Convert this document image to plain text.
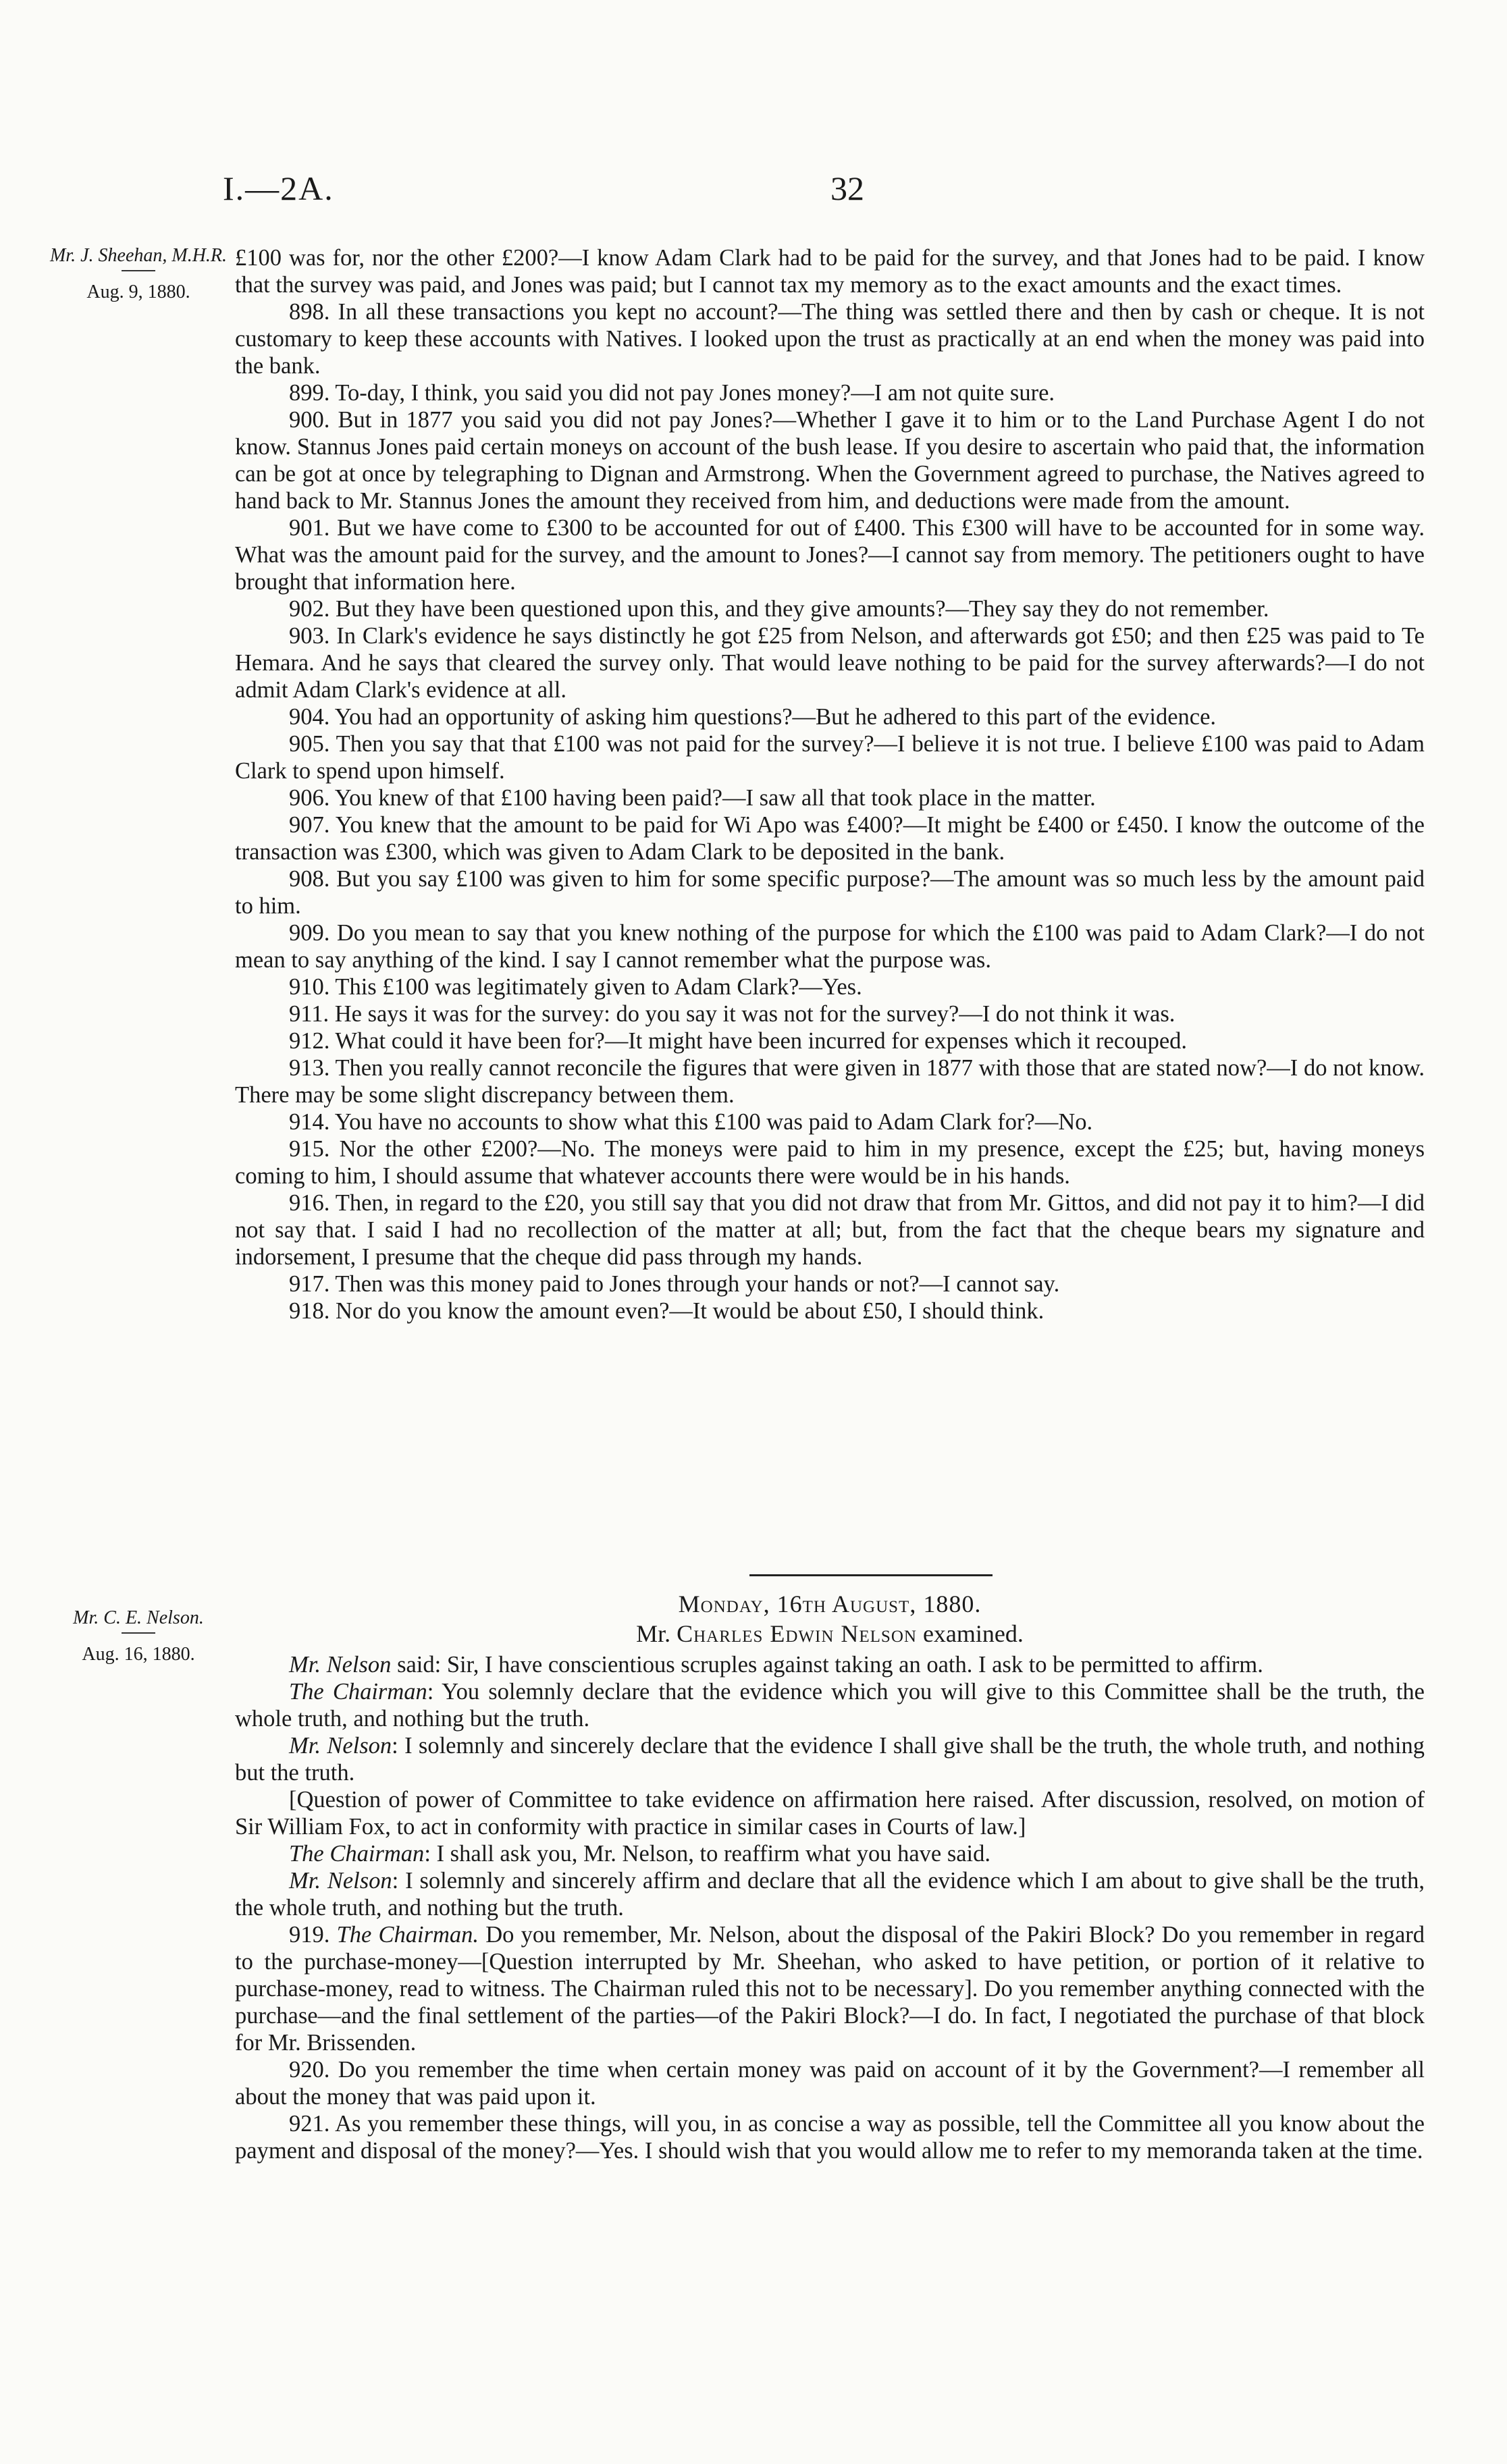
I.—2A.	32
Mr. J. Sheehan, M.H.R.
Aug. 9, 1880.
Mr. C. E. Nelson.
Aug. 16, 1880.

£100 was for, nor the other £200?—I know Adam Clark had to be paid for the survey, and that Jones had to be paid. I know that the survey was paid, and Jones was paid; but I cannot tax my memory as to the exact amounts and the exact times.

898. In all these transactions you kept no account?—The thing was settled there and then by cash or cheque. It is not customary to keep these accounts with Natives. I looked upon the trust as practically at an end when the money was paid into the bank.

899. To-day, I think, you said you did not pay Jones money?—I am not quite sure.

900. But in 1877 you said you did not pay Jones?—Whether I gave it to him or to the Land Purchase Agent I do not know. Stannus Jones paid certain moneys on account of the bush lease. If you desire to ascertain who paid that, the information can be got at once by telegraphing to Dignan and Armstrong. When the Government agreed to purchase, the Natives agreed to hand back to Mr. Stannus Jones the amount they received from him, and deductions were made from the amount.

901. But we have come to £300 to be accounted for out of £400. This £300 will have to be accounted for in some way. What was the amount paid for the survey, and the amount to Jones?—I cannot say from memory. The petitioners ought to have brought that information here.

902. But they have been questioned upon this, and they give amounts?—They say they do not remember.

903. In Clark's evidence he says distinctly he got £25 from Nelson, and afterwards got £50; and then £25 was paid to Te Hemara. And he says that cleared the survey only. That would leave nothing to be paid for the survey afterwards?—I do not admit Adam Clark's evidence at all.

904. You had an opportunity of asking him questions?—But he adhered to this part of the evidence.

905. Then you say that that £100 was not paid for the survey?—I believe it is not true. I believe £100 was paid to Adam Clark to spend upon himself.

906. You knew of that £100 having been paid?—I saw all that took place in the matter.

907. You knew that the amount to be paid for Wi Apo was £400?—It might be £400 or £450. I know the outcome of the transaction was £300, which was given to Adam Clark to be deposited in the bank.

908. But you say £100 was given to him for some specific purpose?—The amount was so much less by the amount paid to him.

909. Do you mean to say that you knew nothing of the purpose for which the £100 was paid to Adam Clark?—I do not mean to say anything of the kind. I say I cannot remember what the purpose was.

910. This £100 was legitimately given to Adam Clark?—Yes.

911. He says it was for the survey: do you say it was not for the survey?—I do not think it was.

912. What could it have been for?—It might have been incurred for expenses which it recouped.

913. Then you really cannot reconcile the figures that were given in 1877 with those that are stated now?—I do not know. There may be some slight discrepancy between them.

914. You have no accounts to show what this £100 was paid to Adam Clark for?—No.

915. Nor the other £200?—No. The moneys were paid to him in my presence, except the £25; but, having moneys coming to him, I should assume that whatever accounts there were would be in his hands.

916. Then, in regard to the £20, you still say that you did not draw that from Mr. Gittos, and did not pay it to him?—I did not say that. I said I had no recollection of the matter at all; but, from the fact that the cheque bears my signature and indorsement, I presume that the cheque did pass through my hands.

917. Then was this money paid to Jones through your hands or not?—I cannot say.

918. Nor do you know the amount even?—It would be about £50, I should think.

Monday, 16th August, 1880.
Mr. Charles Edwin Nelson examined.

Mr. Nelson said: Sir, I have conscientious scruples against taking an oath. I ask to be permitted to affirm.

The Chairman: You solemnly declare that the evidence which you will give to this Committee shall be the truth, the whole truth, and nothing but the truth.

Mr. Nelson: I solemnly and sincerely declare that the evidence I shall give shall be the truth, the whole truth, and nothing but the truth.

[Question of power of Committee to take evidence on affirmation here raised. After discussion, resolved, on motion of Sir William Fox, to act in conformity with practice in similar cases in Courts of law.]

The Chairman: I shall ask you, Mr. Nelson, to reaffirm what you have said.

Mr. Nelson: I solemnly and sincerely affirm and declare that all the evidence which I am about to give shall be the truth, the whole truth, and nothing but the truth.

919. The Chairman. Do you remember, Mr. Nelson, about the disposal of the Pakiri Block? Do you remember in regard to the purchase-money—[Question interrupted by Mr. Sheehan, who asked to have petition, or portion of it relative to purchase-money, read to witness. The Chairman ruled this not to be necessary]. Do you remember anything connected with the purchase—and the final settlement of the parties—of the Pakiri Block?—I do. In fact, I negotiated the purchase of that block for Mr. Brissenden.

920. Do you remember the time when certain money was paid on account of it by the Government?—I remember all about the money that was paid upon it.

921. As you remember these things, will you, in as concise a way as possible, tell the Committee all you know about the payment and disposal of the money?—Yes. I should wish that you would allow me to refer to my memoranda taken at the time.
